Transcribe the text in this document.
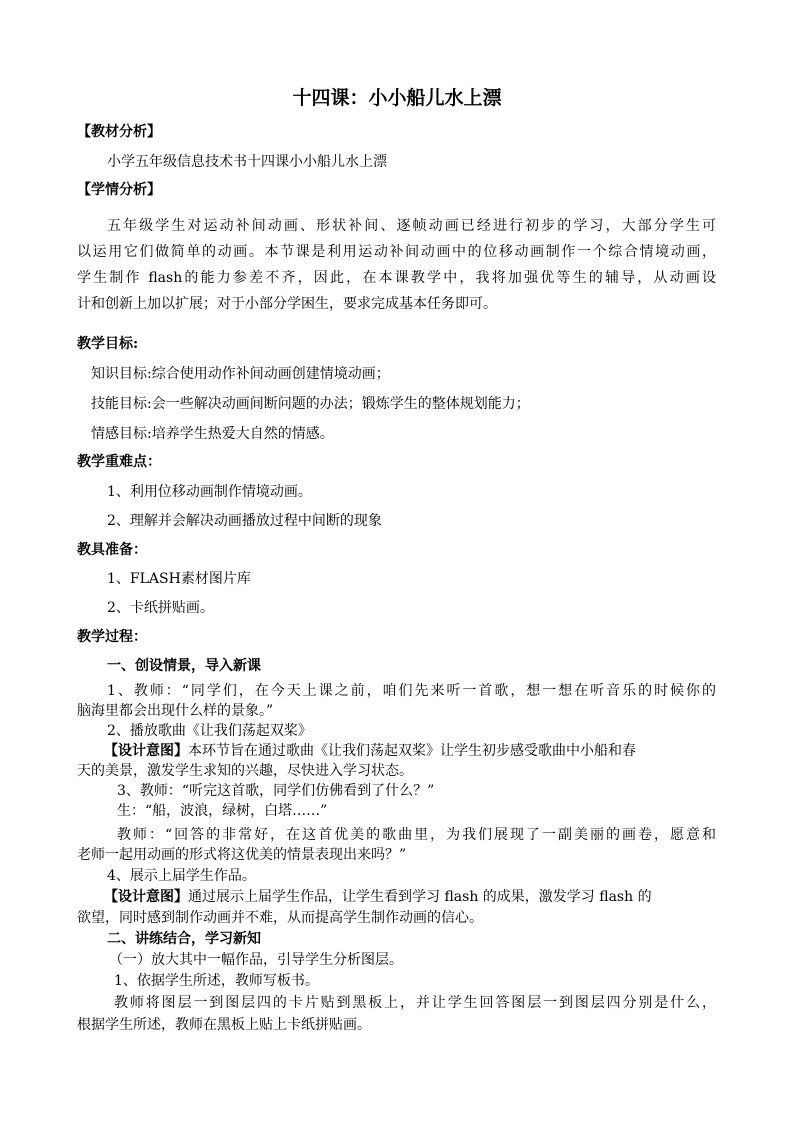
十四课：小小船儿水上漂
【教材分析】
小学五年级信息技术书十四课小小船儿水上漂
【学情分析】
五年级学生对运动补间动画、形状补间、逐帧动画已经进行初步的学习，大部分学生可
以运用它们做简单的动画。本节课是利用运动补间动画中的位移动画制作一个综合情境动画，
学生制作 flash的能力参差不齐，因此，在本课教学中，我将加强优等生的辅导，从动画设
计和创新上加以扩展；对于小部分学困生，要求完成基本任务即可。
教学目标:
知识目标:综合使用动作补间动画创建情境动画；
技能目标:会一些解决动画间断问题的办法；锻炼学生的整体规划能力；
情感目标:培养学生热爱大自然的情感。
教学重难点：
1、利用位移动画制作情境动画。
2、理解并会解决动画播放过程中间断的现象
教具准备：
1、FLASH素材图片库
2、卡纸拼贴画。
教学过程：
一、创设情景，导入新课
1、教师：“同学们，在今天上课之前，咱们先来听一首歌，想一想在听音乐的时候你的
脑海里都会出现什么样的景象。”
2、播放歌曲《让我们荡起双桨》
【设计意图】本环节旨在通过歌曲《让我们荡起双桨》让学生初步感受歌曲中小船和春
天的美景，激发学生求知的兴趣，尽快进入学习状态。
3、教师：“听完这首歌，同学们仿佛看到了什么？”
生：“船，波浪，绿树，白塔……”
教师：“回答的非常好，在这首优美的歌曲里，为我们展现了一副美丽的画卷，愿意和
老师一起用动画的形式将这优美的情景表现出来吗？”
4、展示上届学生作品。
【设计意图】通过展示上届学生作品，让学生看到学习 flash 的成果，激发学习 flash 的
欲望，同时感到制作动画并不难，从而提高学生制作动画的信心。
二、讲练结合，学习新知
（一）放大其中一幅作品，引导学生分析图层。
1、依据学生所述，教师写板书。
教师将图层一到图层四的卡片贴到黑板上，并让学生回答图层一到图层四分别是什么，
根据学生所述，教师在黑板上贴上卡纸拼贴画。
